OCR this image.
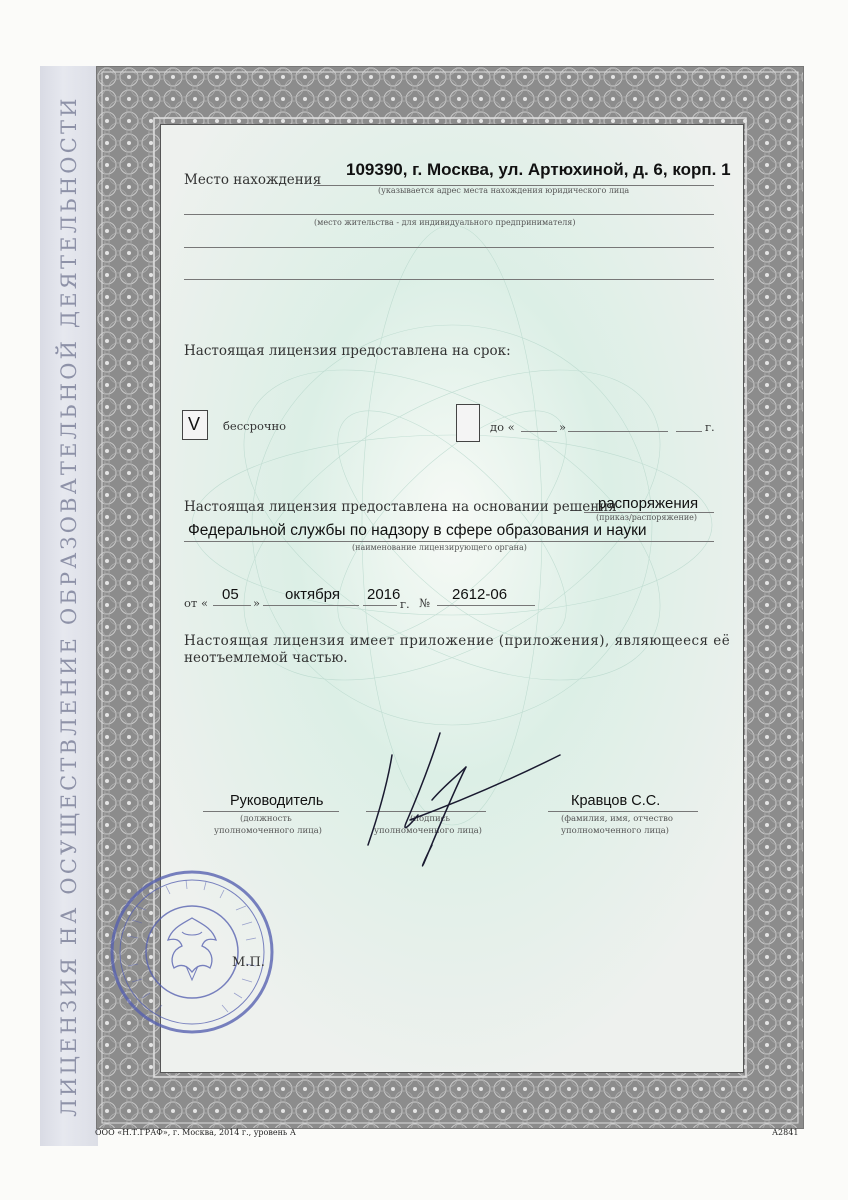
ЛИЦЕНЗИЯ НА ОСУЩЕСТВЛЕНИЕ ОБРАЗОВАТЕЛЬНОЙ ДЕЯТЕЛЬНОСТИ	Место нахождения
109390, г. Москва, ул. Артюхиной, д. 6, корп. 1
(указывается адрес места нахождения юридического лица
(место жительства - для индивидуального предпринимателя)
Настоящая лицензия предоставлена на срок:
V бессрочно	до «	»	г.
Настоящая лицензия предоставлена на основании решения
распоряжения
(приказ/распоряжение)
Федеральной службы по надзору в сфере образования и науки
(наименование лицензирующего органа)
от « 05 » октября 2016
г. № 2612-06
Настоящая лицензия имеет приложение (приложения), являющееся её
неотъемлемой частью.
Руководитель
(должность
уполномоченного лица)
(подпись
уполномоченного лица)
Кравцов С.С.
(фамилия, имя, отчество
уполномоченного лица)
М.П.
ООО «Н.Т.ГРАФ», г. Москва, 2014 г., уровень А	А2841
